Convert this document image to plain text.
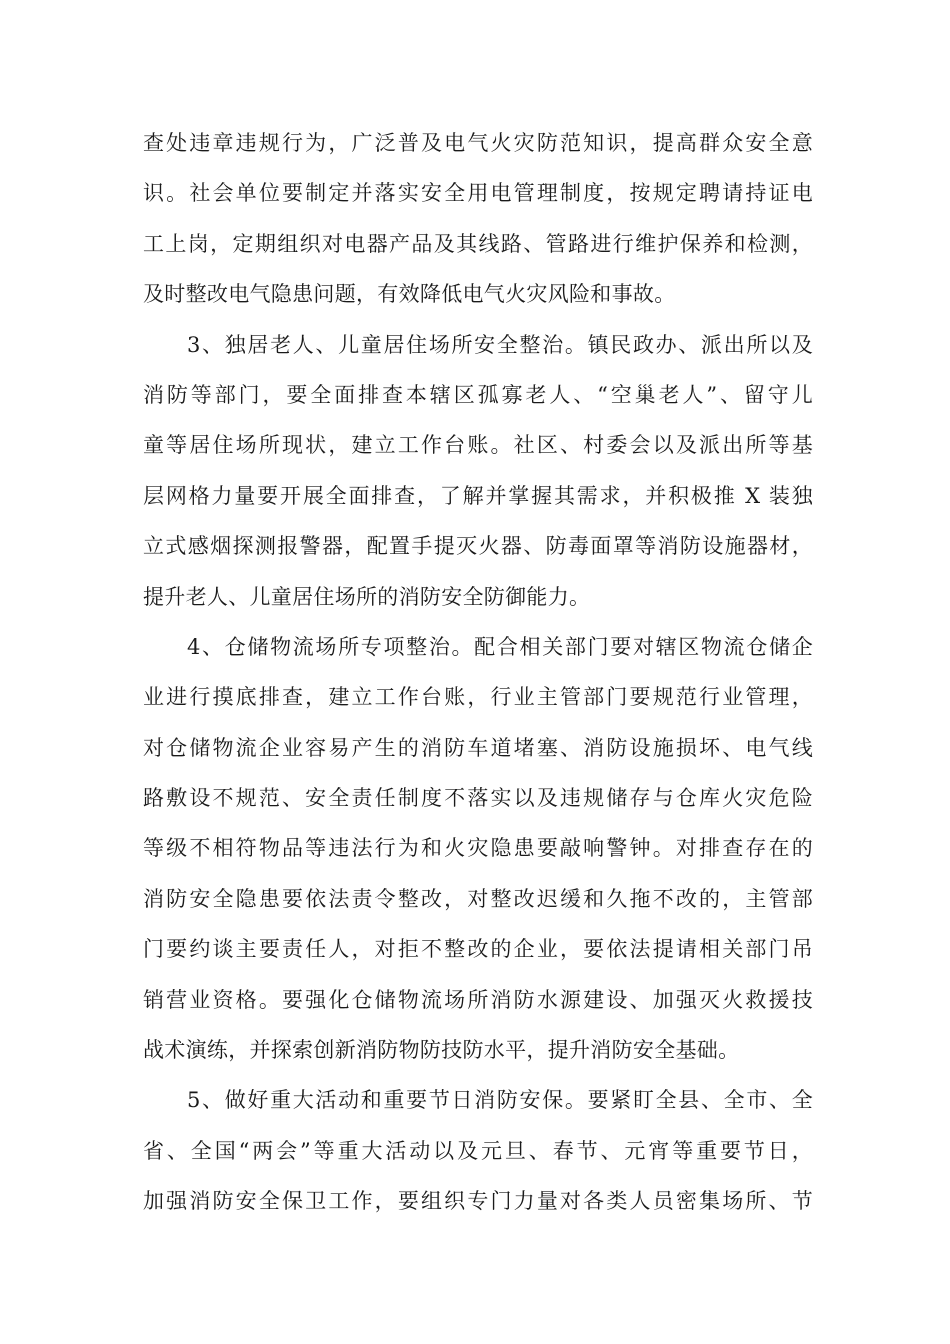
查处违章违规行为，广泛普及电气火灾防范知识，提高群众安全意
识。社会单位要制定并落实安全用电管理制度，按规定聘请持证电
工上岗，定期组织对电器产品及其线路、管路进行维护保养和检测，
及时整改电气隐患问题，有效降低电气火灾风险和事故。
3、独居老人、儿童居住场所安全整治。镇民政办、派出所以及
消防等部门，要全面排查本辖区孤寡老人、“空巢老人”、留守儿
童等居住场所现状，建立工作台账。社区、村委会以及派出所等基
层网格力量要开展全面排查，了解并掌握其需求，并积极推 X 装独
立式感烟探测报警器，配置手提灭火器、防毒面罩等消防设施器材，
提升老人、儿童居住场所的消防安全防御能力。
4、仓储物流场所专项整治。配合相关部门要对辖区物流仓储企
业进行摸底排查，建立工作台账，行业主管部门要规范行业管理，
对仓储物流企业容易产生的消防车道堵塞、消防设施损坏、电气线
路敷设不规范、安全责任制度不落实以及违规储存与仓库火灾危险
等级不相符物品等违法行为和火灾隐患要敲响警钟。对排查存在的
消防安全隐患要依法责令整改，对整改迟缓和久拖不改的，主管部
门要约谈主要责任人，对拒不整改的企业，要依法提请相关部门吊
销营业资格。要强化仓储物流场所消防水源建设、加强灭火救援技
战术演练，并探索创新消防物防技防水平，提升消防安全基础。
5、做好重大活动和重要节日消防安保。要紧盯全县、全市、全
省、全国“两会”等重大活动以及元旦、春节、元宵等重要节日，
加强消防安全保卫工作，要组织专门力量对各类人员密集场所、节
